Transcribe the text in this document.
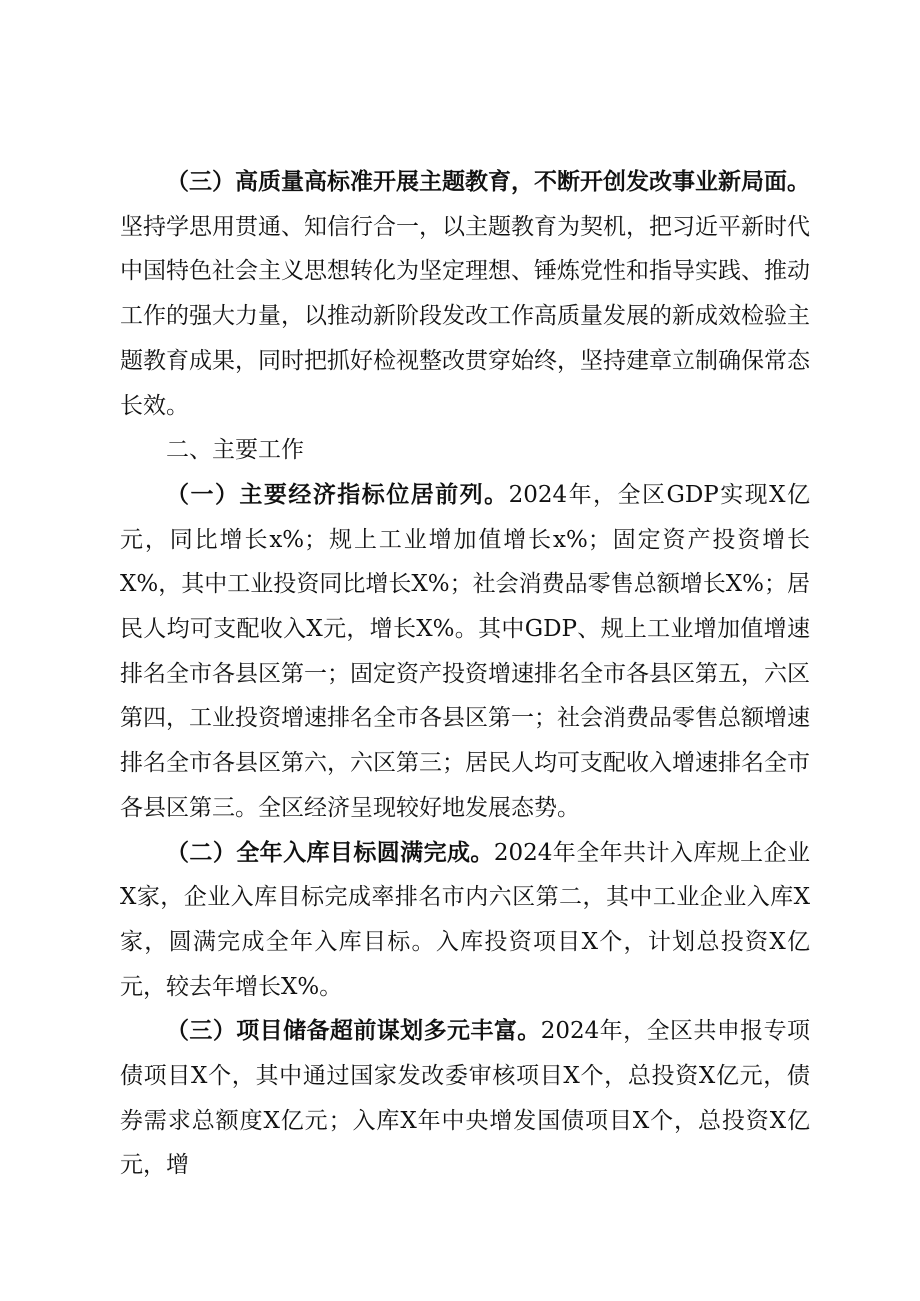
（三）高质量高标准开展主题教育，不断开创发改事业新局面。坚持学思用贯通、知信行合一，以主题教育为契机，把习近平新时代中国特色社会主义思想转化为坚定理想、锤炼党性和指导实践、推动工作的强大力量，以推动新阶段发改工作高质量发展的新成效检验主题教育成果，同时把抓好检视整改贯穿始终，坚持建章立制确保常态长效。

二、主要工作

（一）主要经济指标位居前列。2024年，全区GDP实现X亿元，同比增长x%；规上工业增加值增长x%；固定资产投资增长X%，其中工业投资同比增长X%；社会消费品零售总额增长X%；居民人均可支配收入X元，增长X%。其中GDP、规上工业增加值增速排名全市各县区第一；固定资产投资增速排名全市各县区第五，六区第四，工业投资增速排名全市各县区第一；社会消费品零售总额增速排名全市各县区第六，六区第三；居民人均可支配收入增速排名全市各县区第三。全区经济呈现较好地发展态势。

（二）全年入库目标圆满完成。2024年全年共计入库规上企业X家，企业入库目标完成率排名市内六区第二，其中工业企业入库X家，圆满完成全年入库目标。入库投资项目X个，计划总投资X亿元，较去年增长X%。

（三）项目储备超前谋划多元丰富。2024年，全区共申报专项债项目X个，其中通过国家发改委审核项目X个，总投资X亿元，债券需求总额度X亿元；入库X年中央增发国债项目X个，总投资X亿元，增
